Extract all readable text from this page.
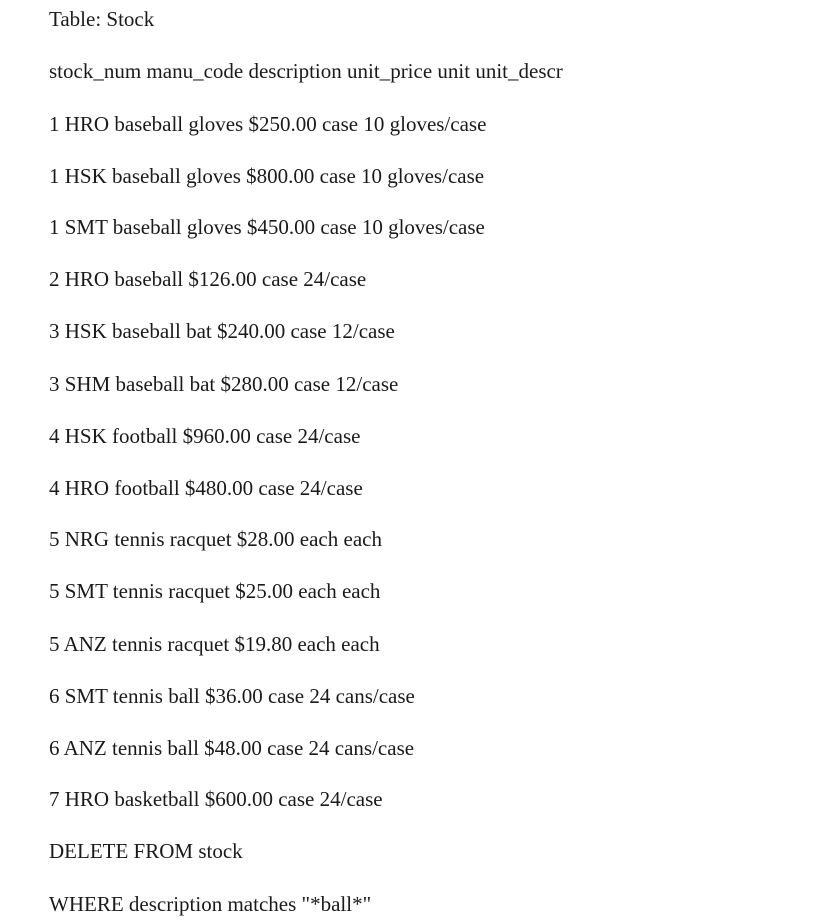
Table: Stock

stock_num manu_code description unit_price unit unit_descr

1 HRO baseball gloves $250.00 case 10 gloves/case

1 HSK baseball gloves $800.00 case 10 gloves/case

1 SMT baseball gloves $450.00 case 10 gloves/case

2 HRO baseball $126.00 case 24/case

3 HSK baseball bat $240.00 case 12/case

3 SHM baseball bat $280.00 case 12/case

4 HSK football $960.00 case 24/case

4 HRO football $480.00 case 24/case

5 NRG tennis racquet $28.00 each each

5 SMT tennis racquet $25.00 each each

5 ANZ tennis racquet $19.80 each each

6 SMT tennis ball $36.00 case 24 cans/case

6 ANZ tennis ball $48.00 case 24 cans/case

7 HRO basketball $600.00 case 24/case

DELETE FROM stock

WHERE description matches "*ball*"
